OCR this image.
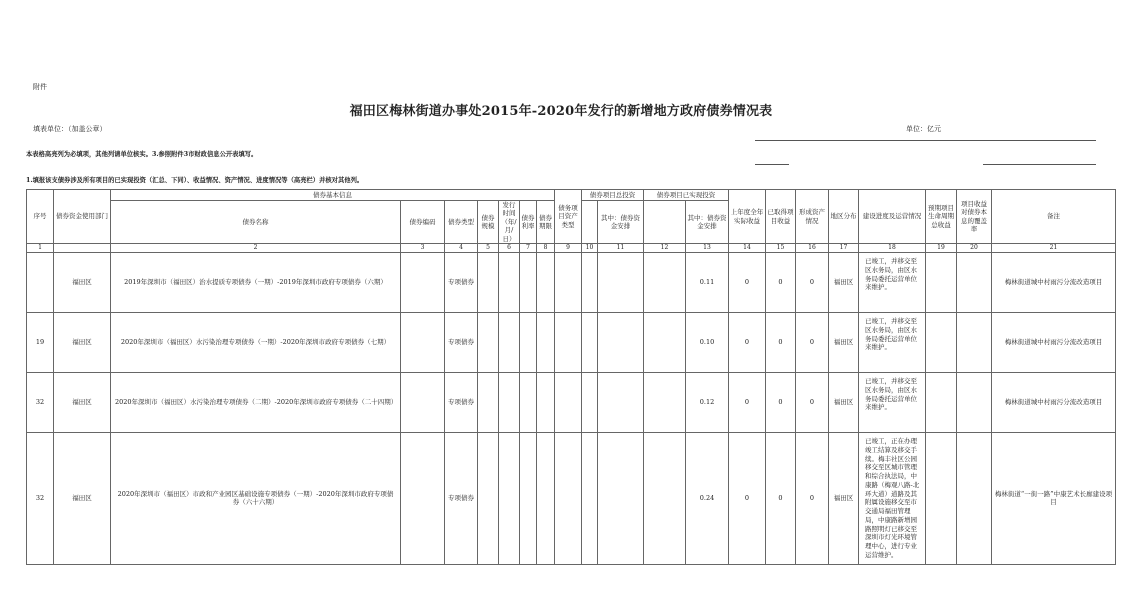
附件
福田区梅林街道办事处2015年-2020年发行的新增地方政府债券情况表
填表单位：（加盖公章）	单位：亿元
本表格高亮列为必填项，其他列请单位核实。3.参照附件3市财政信息公开表填写。
1.填报该支债券涉及所有项目的已实现投资（汇总、下同）、收益情况、资产情况、进度情况等（高亮栏）并核对其他列。
序号	债券资金使用部门	债券基本信息							债务项目资产类型	债券项目总投资		债券项目已实现投资		上年度全年实际收益	已取得项目收益	形成资产情况	地区分布	建设进度及运营情况	预期项目生命周期总收益	项目收益对债券本息的覆盖率	备注
		债券名称	债券编码	债券类型	债券规模	发行时间（年/月/日）	债券利率	债券期限			其中：债券资金安排		其中：债券资金安排								

1		2	3	4	5	6	7	8	9	10	11	12	13	14	15	16	17	18	19	20	21
	福田区	2019年深圳市（福田区）治水提质专项债券（一期）-2019年深圳市政府专项债券（六期）		专项债券									0.11	0	0	0	福田区	已竣工，并移交至区水务局，由区水务局委托运营单位来维护。			梅林街道城中村雨污分流改造项目
19	福田区	2020年深圳市（福田区）水污染治理专项债券（一期）-2020年深圳市政府专项债券（七期）		专项债券									0.10	0	0	0	福田区	已竣工，并移交至区水务局，由区水务局委托运营单位来维护。			梅林街道城中村雨污分流改造项目
32	福田区	2020年深圳市（福田区）水污染治理专项债券（二期）-2020年深圳市政府专项债券（二十四期）		专项债券									0.12	0	0	0	福田区	已竣工，并移交至区水务局，由区水务局委托运营单位来维护。			梅林街道城中村雨污分流改造项目
32	福田区	2020年深圳市（福田区）市政和产业园区基础设施专项债券（一期）-2020年深圳市政府专项债券（六十六期）		专项债券									0.24	0	0	0	福田区	已竣工，正在办理竣工结算及移交手续。梅丰社区公园移交至区城市管理和综合执法局，中康路（梅观八路-北环大道）道路及其附属设施移交至市交通局福田管理局，中康路新增园路照明灯已移交至深圳市灯光环境管理中心，进行专业运营维护。			梅林街道“一街一路”中康艺术长廊建设项目
